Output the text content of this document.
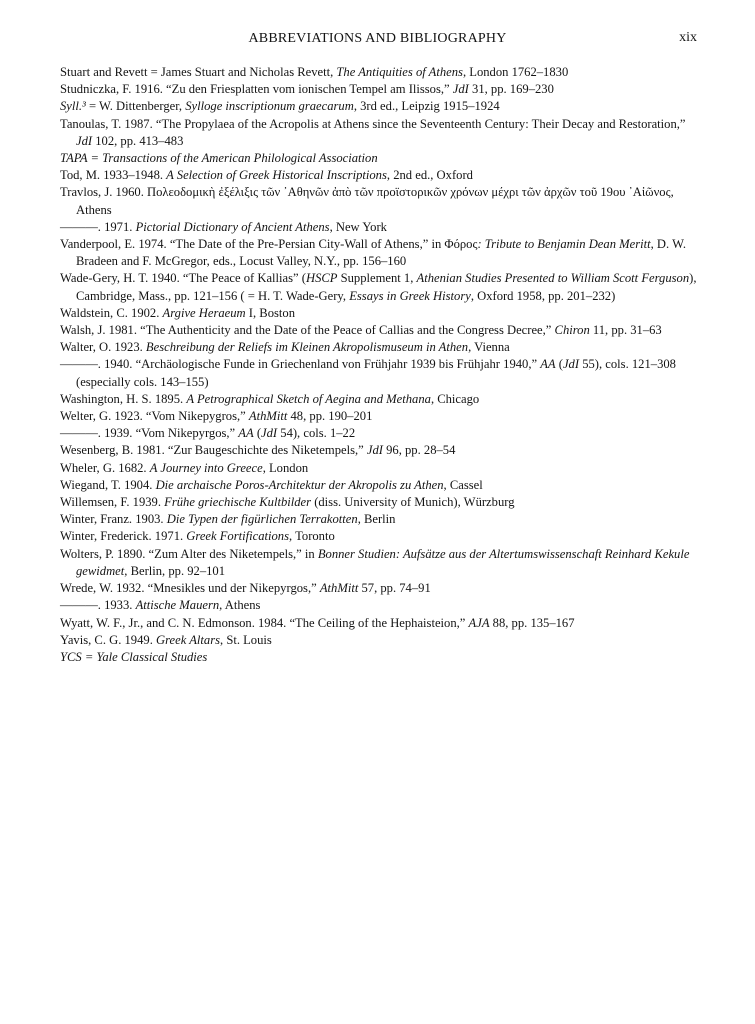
ABBREVIATIONS AND BIBLIOGRAPHY	xix

Stuart and Revett = James Stuart and Nicholas Revett, The Antiquities of Athens, London 1762–1830

Studniczka, F. 1916. “Zu den Friesplatten vom ionischen Tempel am Ilissos,” JdI 31, pp. 169–230

Syll.³ = W. Dittenberger, Sylloge inscriptionum graecarum, 3rd ed., Leipzig 1915–1924

Tanoulas, T. 1987. “The Propylaea of the Acropolis at Athens since the Seventeenth Century: Their Decay and Restoration,” JdI 102, pp. 413–483

TAPA = Transactions of the American Philological Association

Tod, M. 1933–1948. A Selection of Greek Historical Inscriptions, 2nd ed., Oxford

Travlos, J. 1960. Πολεοδομικὴ ἐξέλιξις τῶν ᾿Αθηνῶν ἀπὸ τῶν προϊστορικῶν χρόνων μέχρι τῶν ἀρχῶν τοῦ 19ου ᾿Αἰῶνος, Athens

———. 1971. Pictorial Dictionary of Ancient Athens, New York

Vanderpool, E. 1974. “The Date of the Pre-Persian City-Wall of Athens,” in Φόρος: Tribute to Benjamin Dean Meritt, D. W. Bradeen and F. McGregor, eds., Locust Valley, N.Y., pp. 156–160

Wade-Gery, H. T. 1940. “The Peace of Kallias” (HSCP Supplement 1, Athenian Studies Presented to William Scott Ferguson), Cambridge, Mass., pp. 121–156 ( = H. T. Wade-Gery, Essays in Greek History, Oxford 1958, pp. 201–232)

Waldstein, C. 1902. Argive Heraeum I, Boston

Walsh, J. 1981. “The Authenticity and the Date of the Peace of Callias and the Congress Decree,” Chiron 11, pp. 31–63

Walter, O. 1923. Beschreibung der Reliefs im Kleinen Akropolismuseum in Athen, Vienna

———. 1940. “Archäologische Funde in Griechenland von Frühjahr 1939 bis Frühjahr 1940,” AA (JdI 55), cols. 121–308 (especially cols. 143–155)

Washington, H. S. 1895. A Petrographical Sketch of Aegina and Methana, Chicago

Welter, G. 1923. “Vom Nikepygros,” AthMitt 48, pp. 190–201

———. 1939. “Vom Nikepyrgos,” AA (JdI 54), cols. 1–22

Wesenberg, B. 1981. “Zur Baugeschichte des Niketempels,” JdI 96, pp. 28–54

Wheler, G. 1682. A Journey into Greece, London

Wiegand, T. 1904. Die archaische Poros-Architektur der Akropolis zu Athen, Cassel

Willemsen, F. 1939. Frühe griechische Kultbilder (diss. University of Munich), Würzburg

Winter, Franz. 1903. Die Typen der figürlichen Terrakotten, Berlin

Winter, Frederick. 1971. Greek Fortifications, Toronto

Wolters, P. 1890. “Zum Alter des Niketempels,” in Bonner Studien: Aufsätze aus der Altertumswissenschaft Reinhard Kekule gewidmet, Berlin, pp. 92–101

Wrede, W. 1932. “Mnesikles und der Nikepyrgos,” AthMitt 57, pp. 74–91

———. 1933. Attische Mauern, Athens

Wyatt, W. F., Jr., and C. N. Edmonson. 1984. “The Ceiling of the Hephaisteion,” AJA 88, pp. 135–167

Yavis, C. G. 1949. Greek Altars, St. Louis

YCS = Yale Classical Studies
